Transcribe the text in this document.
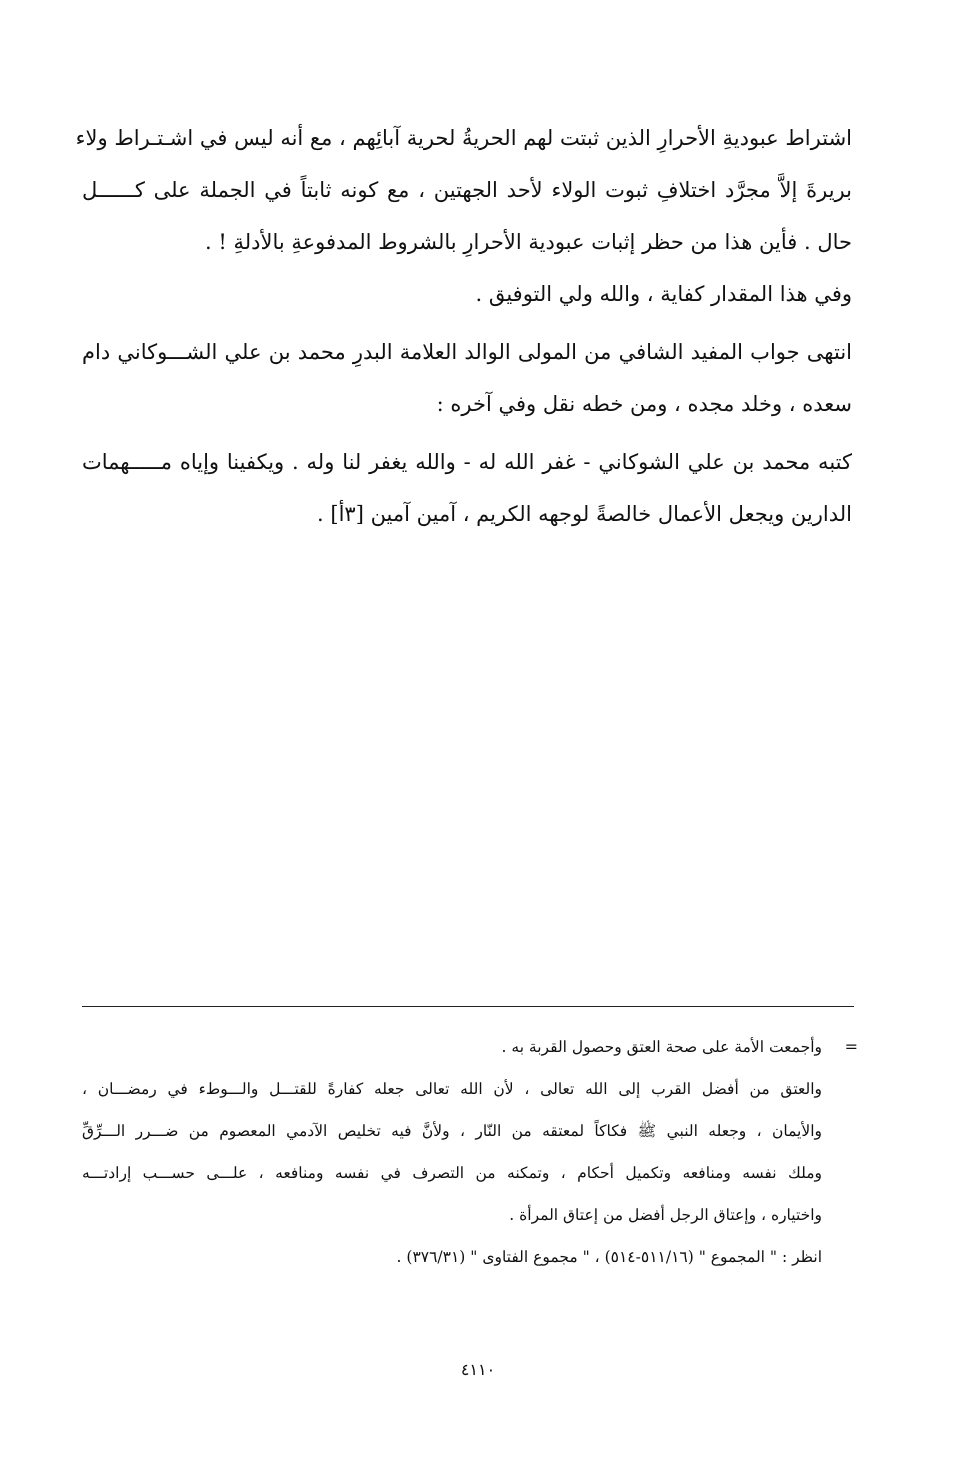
اشتراط عبوديةِ الأحرارِ الذين ثبتت لهم الحريةُ لحرية آبائِهم ، مع أنه ليس في اشـتـراط ولاء
بريرةَ إلاَّ مجرَّد اختلافِ ثبوت الولاء لأحد الجهتين ، مع كونه ثابتاً في الجملة على كــــــل
حال . فأين هذا من حظر إثبات عبودية الأحرارِ بالشروط المدفوعةِ بالأدلةِ ! .
وفي هذا المقدار كفاية ، والله ولي التوفيق .
انتهى جواب المفيد الشافي من المولى الوالد العلامة البدرِ محمد بن علي الشـــوكاني دام
سعده ، وخلد مجده ، ومن خطه نقل وفي آخره :
كتبه محمد بن علي الشوكاني - غفر الله له - والله يغفر لنا وله . ويكفينا وإياه مـــــهمات
الدارين ويجعل الأعمال خالصةً لوجهه الكريم ، آمين آمين [٣أ] .
=
وأجمعت الأمة على صحة العتق وحصول القربة به .
والعتق من أفضل القرب إلى الله تعالى ، لأن الله تعالى جعله كفارةً للقتـــل والـــوطء في رمضـــان ،
والأيمان ، وجعله النبي ﷺ فكاكاً لمعتقه من النّار ، ولأنَّ فيه تخليص الآدمي المعصوم من ضـــرر الـــرِّقِّ
وملك نفسه ومنافعه وتكميل أحكام ، وتمكنه من التصرف في نفسه ومنافعه ، علـــى حســـب إرادتـــه
واختياره ، وإعتاق الرجل أفضل من إعتاق المرأة .
انظر : " المجموع " (٥١١/١٦-٥١٤) ، " مجموع الفتاوى " (٣٧٦/٣١) .
٤١١٠
